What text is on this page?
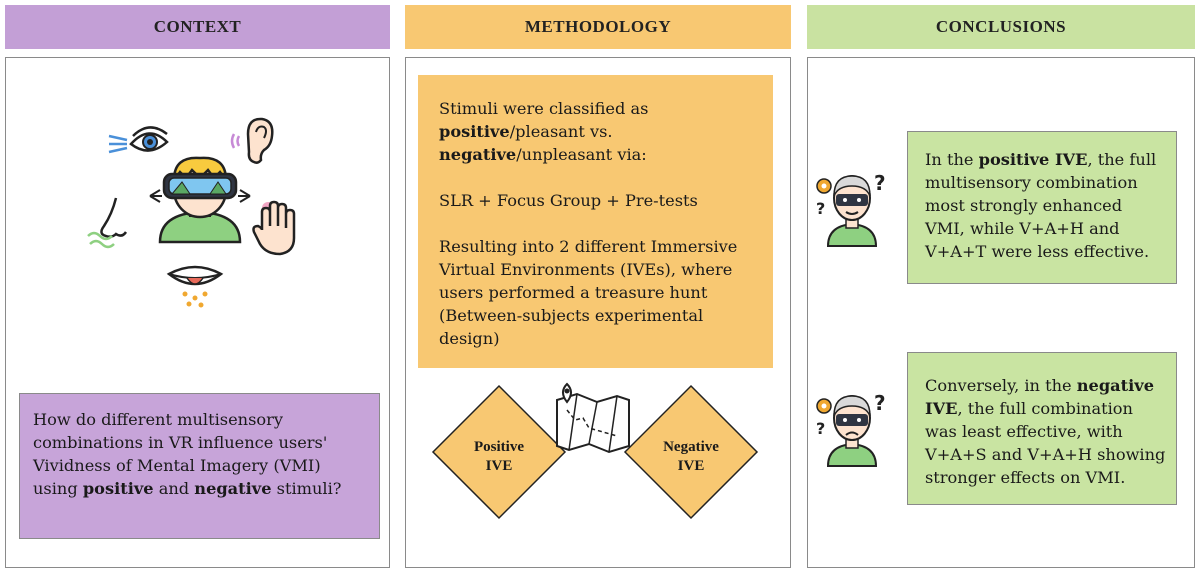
CONTEXT	METHODOLOGY	CONCLUSIONS
How do different multisensory combinations in VR influence users' Vividness of Mental Imagery (VMI) using positive and negative stimuli?

Stimuli were classified as positive/pleasant vs. negative/unpleasant via:

SLR + Focus Group + Pre-tests

Resulting into 2 different Immersive Virtual Environments (IVEs), where users performed a treasure hunt (Between-subjects experimental design)

Positive
IVE
Negative
IVE
?
?
?
?
In the positive IVE, the full multisensory combination most strongly enhanced VMI, while V+A+H and V+A+T were less effective.
Conversely, in the negative IVE, the full combination was least effective, with V+A+S and V+A+H showing stronger effects on VMI.
